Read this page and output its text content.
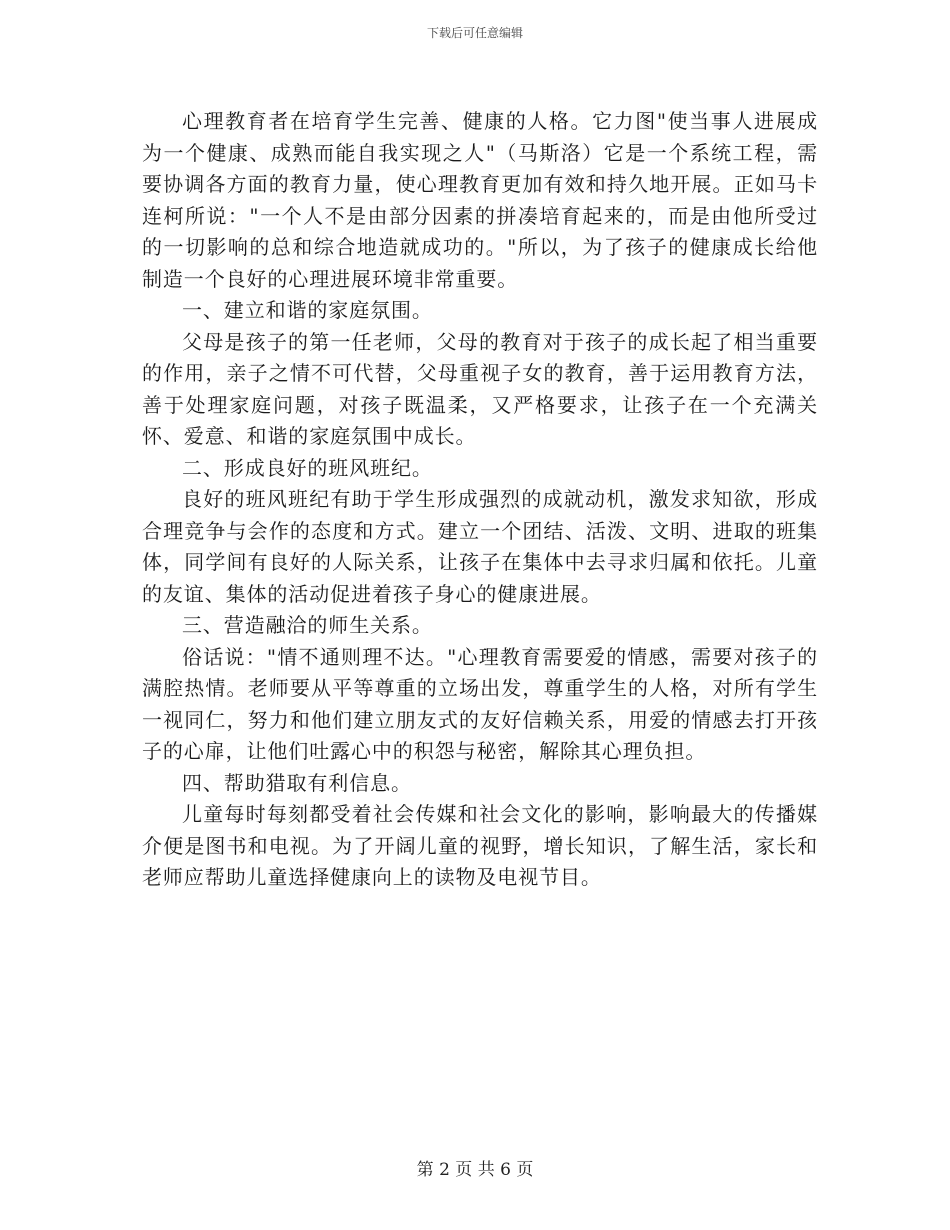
下载后可任意编辑

心理教育者在培育学生完善、健康的人格。它力图"使当事人进展成为一个健康、成熟而能自我实现之人"（马斯洛）它是一个系统工程，需要协调各方面的教育力量，使心理教育更加有效和持久地开展。正如马卡连柯所说："一个人不是由部分因素的拼凑培育起来的，而是由他所受过的一切影响的总和综合地造就成功的。"所以，为了孩子的健康成长给他制造一个良好的心理进展环境非常重要。

一、建立和谐的家庭氛围。

父母是孩子的第一任老师，父母的教育对于孩子的成长起了相当重要的作用，亲子之情不可代替，父母重视子女的教育，善于运用教育方法，善于处理家庭问题，对孩子既温柔，又严格要求，让孩子在一个充满关怀、爱意、和谐的家庭氛围中成长。

二、形成良好的班风班纪。

良好的班风班纪有助于学生形成强烈的成就动机，激发求知欲，形成合理竞争与会作的态度和方式。建立一个团结、活泼、文明、进取的班集体，同学间有良好的人际关系，让孩子在集体中去寻求归属和依托。儿童的友谊、集体的活动促进着孩子身心的健康进展。

三、营造融洽的师生关系。

俗话说："情不通则理不达。"心理教育需要爱的情感，需要对孩子的满腔热情。老师要从平等尊重的立场出发，尊重学生的人格，对所有学生一视同仁，努力和他们建立朋友式的友好信赖关系，用爱的情感去打开孩子的心扉，让他们吐露心中的积怨与秘密，解除其心理负担。

四、帮助猎取有利信息。

儿童每时每刻都受着社会传媒和社会文化的影响，影响最大的传播媒介便是图书和电视。为了开阔儿童的视野，增长知识，了解生活，家长和老师应帮助儿童选择健康向上的读物及电视节目。

第 2 页 共 6 页
